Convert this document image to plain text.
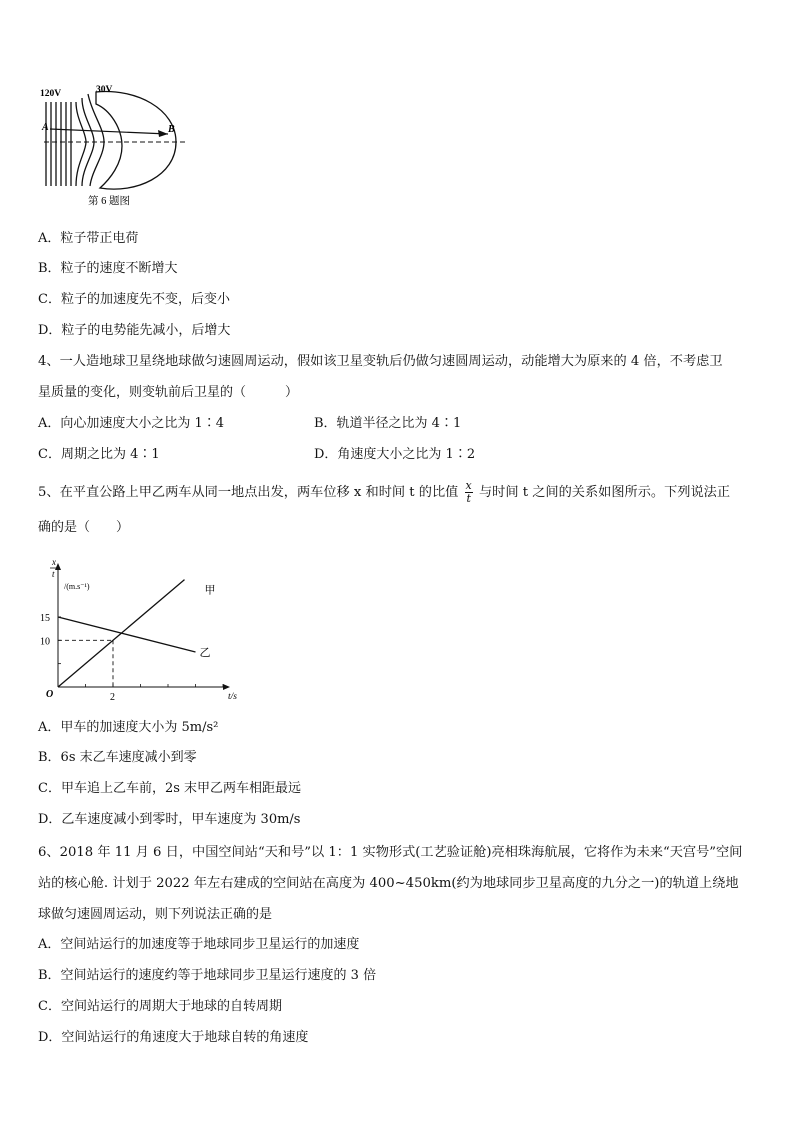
120V	30V
A	B
第 6 题图
A．粒子带正电荷
B．粒子的速度不断增大
C．粒子的加速度先不变，后变小
D．粒子的电势能先减小，后增大
4、一人造地球卫星绕地球做匀速圆周运动，假如该卫星变轨后仍做匀速圆周运动，动能增大为原来的 4 倍，不考虑卫
星质量的变化，则变轨前后卫星的（　　　）
A．向心加速度大小之比为 1∶4	B．轨道半径之比为 4∶1
C．周期之比为 4∶1	D．角速度大小之比为 1∶2
5、在平直公路上甲乙两车从同一地点出发，两车位移 x 和时间 t 的比值 $\frac{x}{t}$ 与时间 t 之间的关系如图所示。下列说法正
确的是（　　）
甲
乙
15
10
2
O	t/s
x
t
/(m.s⁻¹)
A．甲车的加速度大小为 5m/s²
B．6s 末乙车速度减小到零
C．甲车追上乙车前，2s 末甲乙两车相距最远
D．乙车速度减小到零时，甲车速度为 30m/s
6、2018 年 11 月 6 日，中国空间站“天和号”以 1：1 实物形式(工艺验证舱)亮相珠海航展，它将作为未来“天宫号”空间
站的核心舱. 计划于 2022 年左右建成的空间站在高度为 400~450km(约为地球同步卫星高度的九分之一)的轨道上绕地
球做匀速圆周运动，则下列说法正确的是
A．空间站运行的加速度等于地球同步卫星运行的加速度
B．空间站运行的速度约等于地球同步卫星运行速度的 3 倍
C．空间站运行的周期大于地球的自转周期
D．空间站运行的角速度大于地球自转的角速度
